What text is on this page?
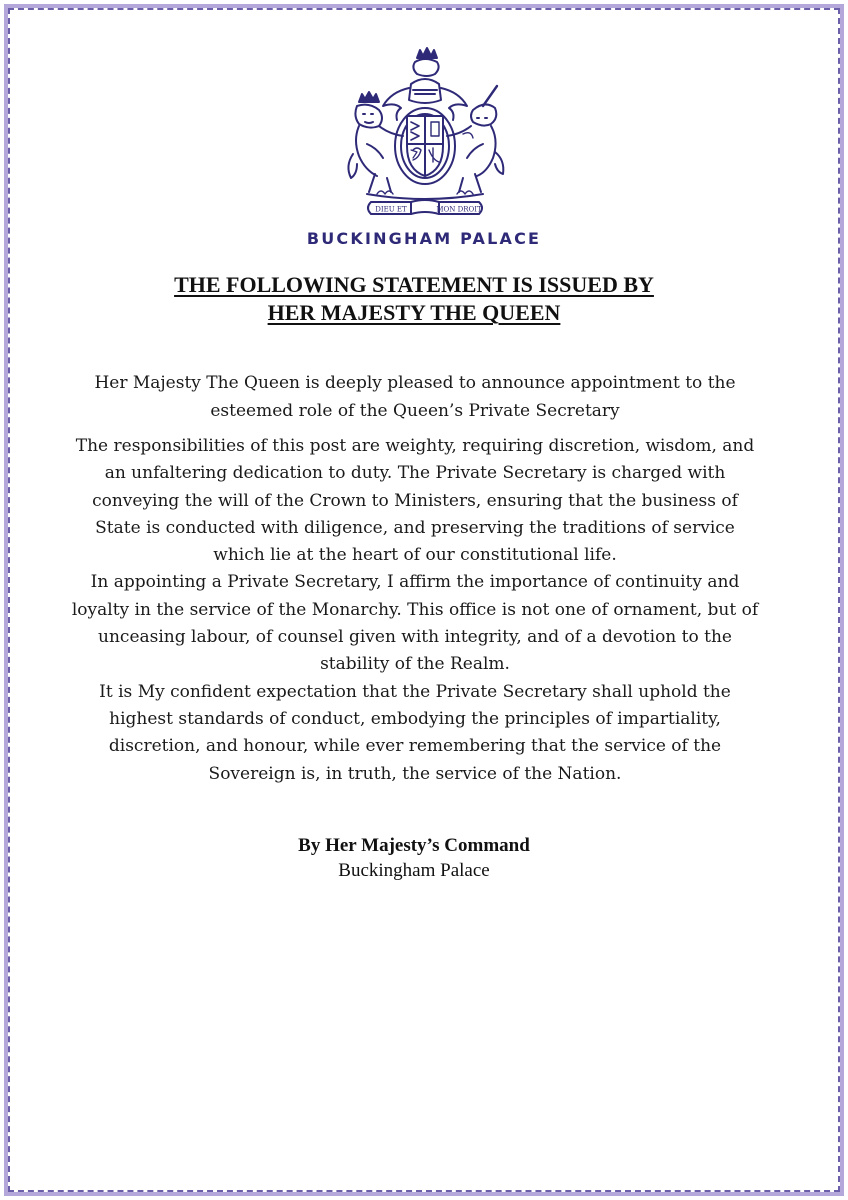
DIEU ET	MON DROIT
BUCKINGHAM PALACE
THE FOLLOWING STATEMENT IS ISSUED BY
HER MAJESTY THE QUEEN

Her Majesty The Queen is deeply pleased to announce appointment to the esteemed role of the Queen’s Private Secretary

The responsibilities of this post are weighty, requiring discretion, wisdom, and an unfaltering dedication to duty. The Private Secretary is charged with conveying the will of the Crown to Ministers, ensuring that the business of State is conducted with diligence, and preserving the traditions of service which lie at the heart of our constitutional life.

In appointing a Private Secretary, I affirm the importance of continuity and loyalty in the service of the Monarchy. This office is not one of ornament, but of unceasing labour, of counsel given with integrity, and of a devotion to the stability of the Realm.

It is My confident expectation that the Private Secretary shall uphold the highest standards of conduct, embodying the principles of impartiality, discretion, and honour, while ever remembering that the service of the Sovereign is, in truth, the service of the Nation.

By Her Majesty’s Command
Buckingham Palace
